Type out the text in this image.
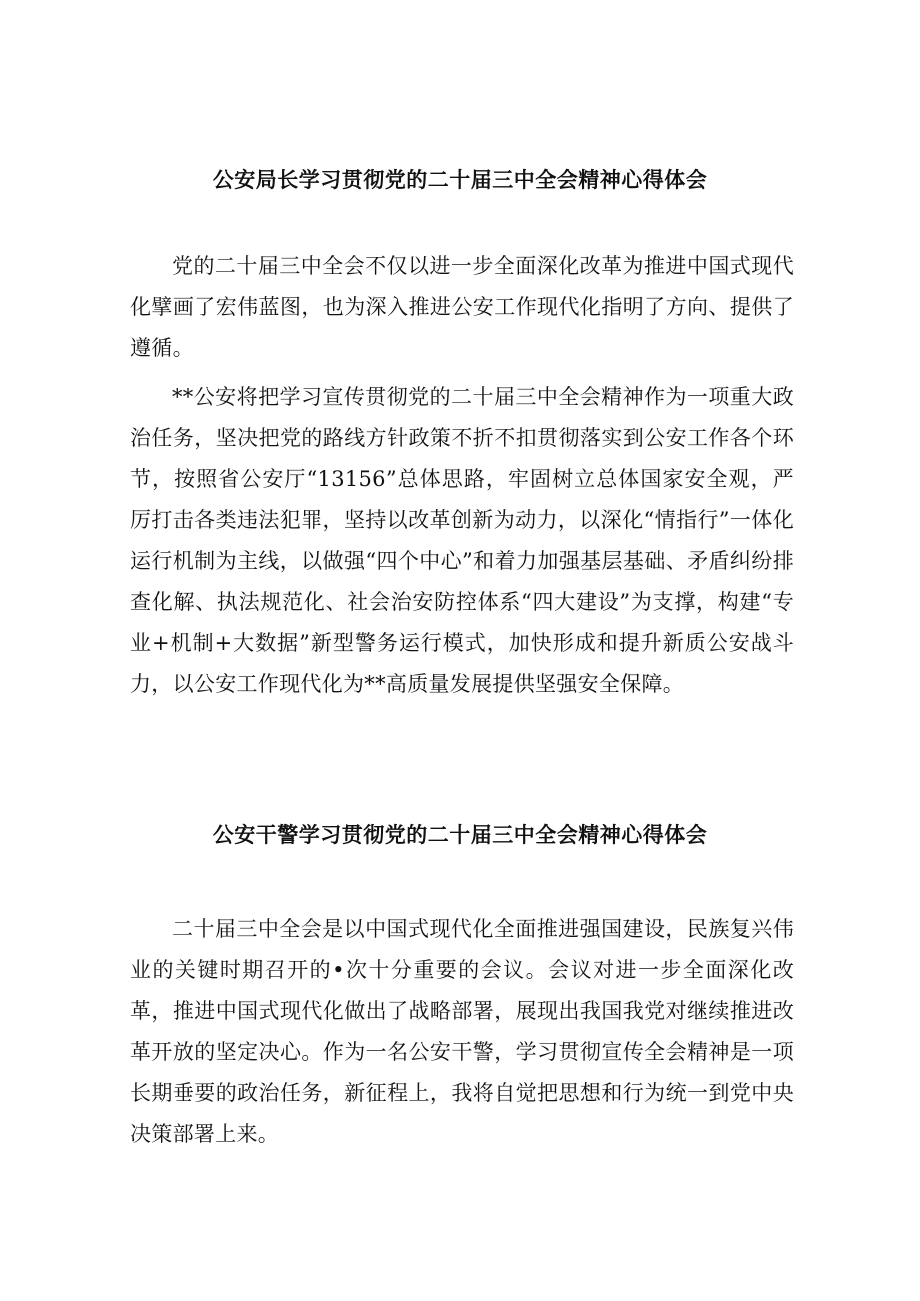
公安局长学习贯彻党的二十届三中全会精神心得体会

党的二十届三中全会不仅以进一步全面深化改革为推进中国式现代化擘画了宏伟蓝图，也为深入推进公安工作现代化指明了方向、提供了遵循。

**公安将把学习宣传贯彻党的二十届三中全会精神作为一项重大政治任务，坚决把党的路线方针政策不折不扣贯彻落实到公安工作各个环节，按照省公安厅“13156”总体思路，牢固树立总体国家安全观，严厉打击各类违法犯罪，坚持以改革创新为动力，以深化“情指行”一体化运行机制为主线，以做强“四个中心”和着力加强基层基础、矛盾纠纷排查化解、执法规范化、社会治安防控体系“四大建设”为支撑，构建“专业+机制+大数据”新型警务运行模式，加快形成和提升新质公安战斗力，以公安工作现代化为**高质量发展提供坚强安全保障。

公安干警学习贯彻党的二十届三中全会精神心得体会

二十届三中全会是以中国式现代化全面推进强国建设，民族复兴伟业的关键时期召开的•次十分重要的会议。会议对进一步全面深化改革，推进中国式现代化做出了战略部署，展现出我国我党对继续推进改革开放的坚定决心。作为一名公安干警，学习贯彻宣传全会精神是一项长期垂要的政治任务，新征程上，我将自觉把思想和行为统一到党中央决策部署上来。
